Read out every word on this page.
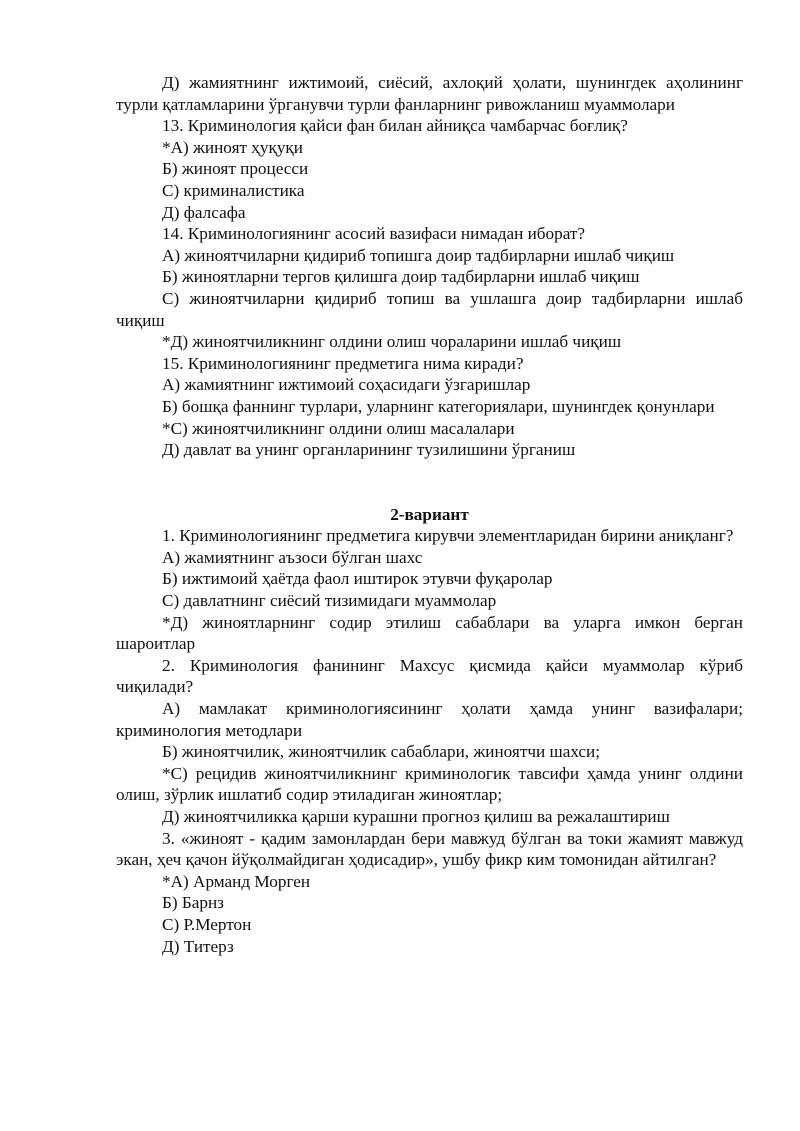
Д) жамиятнинг ижтимоий, сиёсий, ахлоқий ҳолати, шунингдек аҳолининг турли қатламларини ўрганувчи турли фанларнинг ривожланиш муаммолари

13. Криминология қайси фан билан айниқса чамбарчас боғлиқ?

*А) жиноят ҳуқуқи

Б) жиноят процесси

С) криминалистика

Д) фалсафа

14. Криминологиянинг асосий вазифаси нимадан иборат?

А) жиноятчиларни қидириб топишга доир тадбирларни ишлаб чиқиш

Б) жиноятларни тергов қилишга доир тадбирларни ишлаб чиқиш

С) жиноятчиларни қидириб топиш ва ушлашга доир тадбирларни ишлаб чиқиш

*Д) жиноятчиликнинг олдини олиш чораларини ишлаб чиқиш

15. Криминологиянинг предметига нима киради?

А) жамиятнинг ижтимоий соҳасидаги ўзгаришлар

Б) бошқа фаннинг турлари, уларнинг категориялари, шунингдек қонунлари

*С) жиноятчиликнинг олдини олиш масалалари

Д) давлат ва унинг органларининг тузилишини ўрганиш

2-вариант

1. Криминологиянинг предметига кирувчи элементларидан бирини аниқланг?

А) жамиятнинг аъзоси бўлган шахс

Б) ижтимоий ҳаётда фаол иштирок этувчи фуқаролар

С) давлатнинг сиёсий тизимидаги муаммолар

*Д) жиноятларнинг содир этилиш сабаблари ва уларга имкон берган шароитлар

2. Криминология фанининг Махсус қисмида қайси муаммолар кўриб чиқилади?

А) мамлакат криминологиясининг ҳолати ҳамда унинг вазифалари; криминология методлари

Б) жиноятчилик, жиноятчилик сабаблари, жиноятчи шахси;

*С) рецидив жиноятчиликнинг криминологик тавсифи ҳамда унинг олдини олиш, зўрлик ишлатиб содир этиладиган жиноятлар;

Д) жиноятчиликка қарши курашни прогноз қилиш ва режалаштириш

3. «жиноят - қадим замонлардан бери мавжуд бўлган ва токи жамият мавжуд экан, ҳеч қачон йўқолмайдиган ҳодисадир», ушбу фикр ким томонидан айтилган?

*А) Арманд Морген

Б) Барнз

С) Р.Мертон

Д) Титерз
